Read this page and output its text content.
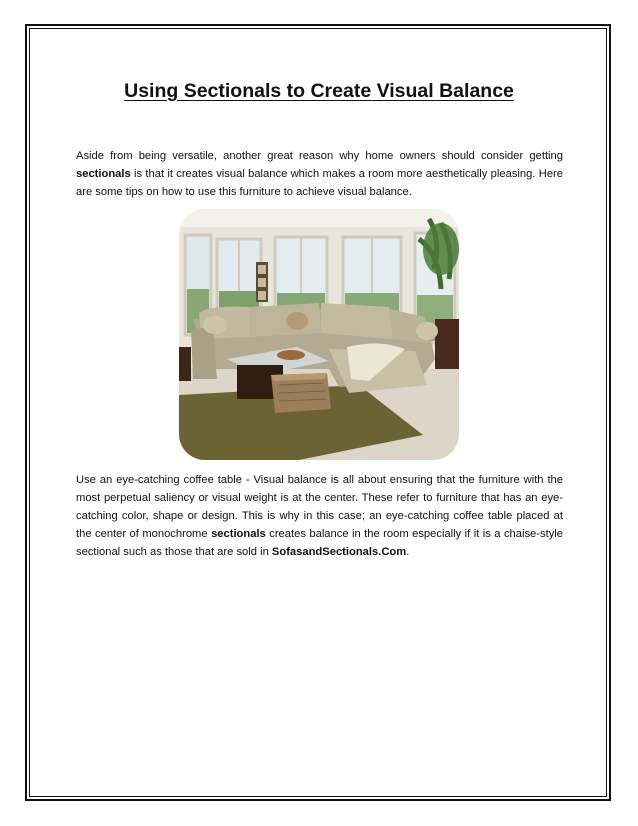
Using Sectionals to Create Visual Balance

Aside from being versatile, another great reason why home owners should consider getting sectionals is that it creates visual balance which makes a room more aesthetically pleasing. Here are some tips on how to use this furniture to achieve visual balance.

Use an eye-catching coffee table - Visual balance is all about ensuring that the furniture with the most perpetual saliency or visual weight is at the center. These refer to furniture that has an eye-catching color, shape or design. This is why in this case; an eye-catching coffee table placed at the center of monochrome sectionals creates balance in the room especially if it is a chaise-style sectional such as those that are sold in SofasandSectionals.Com.
